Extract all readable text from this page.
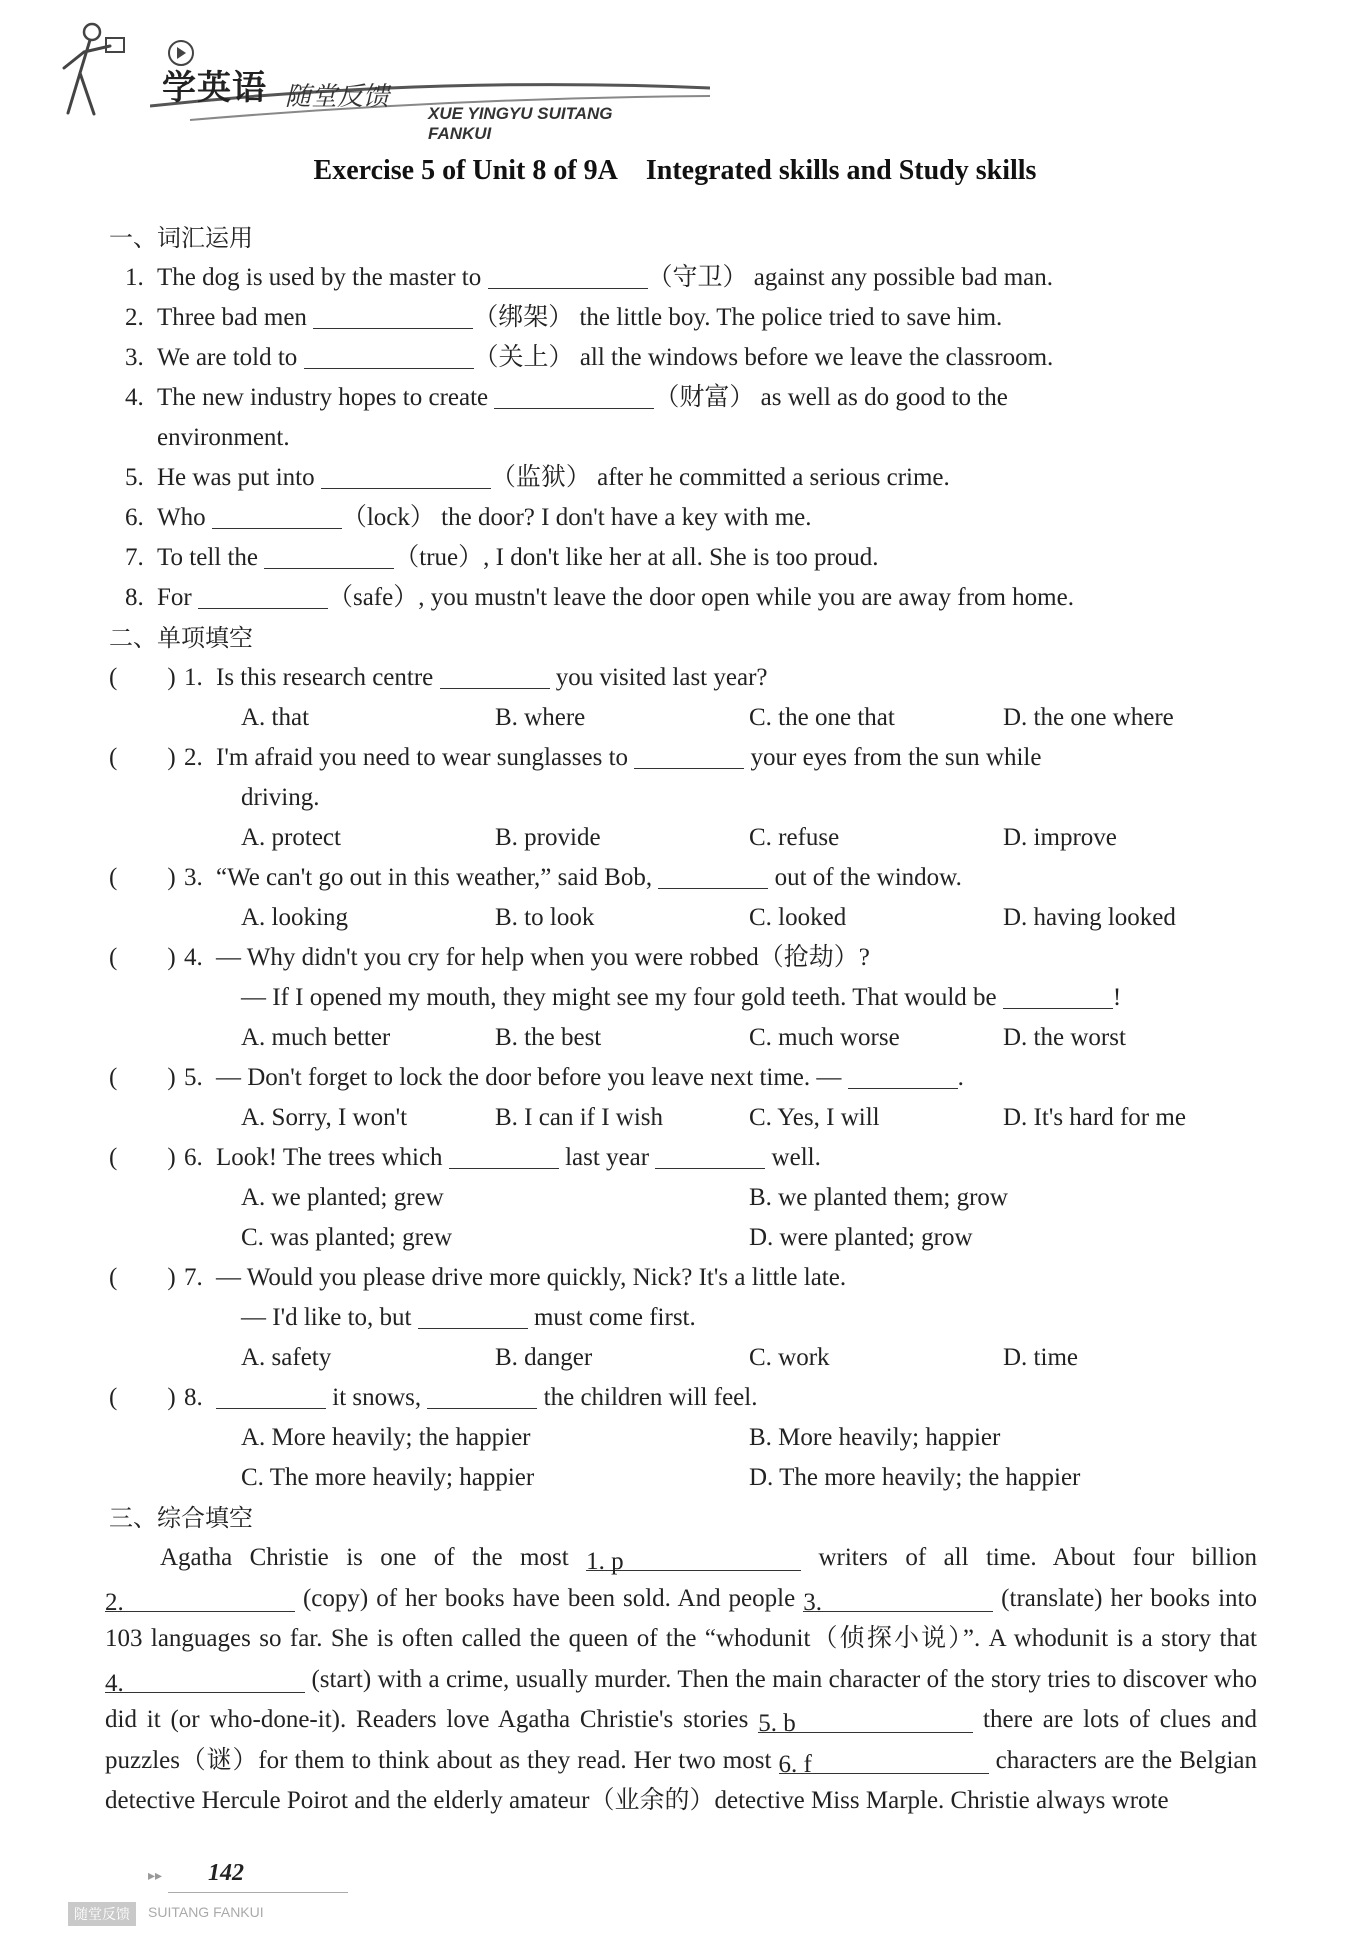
学英语 随堂反馈
XUE YINGYU SUITANG FANKUI
Exercise 5 of Unit 8 of 9A Integrated skills and Study skills
一、词汇运用
1. The dog is used by the master to	（守卫） against any possible bad man.
2. Three bad men	（绑架） the little boy. The police tried to save him.
3. We are told to	（关上） all the windows before we leave the classroom.
4. The new industry hopes to create	（财富） as well as do good to the
environment.
5. He was put into	（监狱） after he committed a serious crime.
6. Who	（lock） the door? I don't have a key with me.
7. To tell the	（true）, I don't like her at all. She is too proud.
8. For	（safe）, you mustn't leave the door open while you are away from home.
二、单项填空
(　　) 1. Is this research centre	you visited last year?
A. that	B. where	C. the one that	D. the one where
(　　) 2. I'm afraid you need to wear sunglasses to	your eyes from the sun while
driving.
A. protect	B. provide	C. refuse	D. improve
(　　) 3. “We can't go out in this weather,” said Bob,	out of the window.
A. looking	B. to look	C. looked	D. having looked
(　　) 4. — Why didn't you cry for help when you were robbed（抢劫）?
— If I opened my mouth, they might see my four gold teeth. That would be	!
A. much better	B. the best	C. much worse	D. the worst
(　　) 5. — Don't forget to lock the door before you leave next time. —	.
A. Sorry, I won't	B. I can if I wish	C. Yes, I will	D. It's hard for me
(　　) 6. Look! The trees which	last year	well.
A. we planted; grew	B. we planted them; grow
C. was planted; grew	D. were planted; grow
(　　) 7. — Would you please drive more quickly, Nick? It's a little late.
— I'd like to, but	must come first.
A. safety	B. danger	C. work	D. time
(　　) 8.	it snows,	the children will feel.
A. More heavily; the happier	B. More heavily; happier
C. The more heavily; happier	D. The more heavily; the happier
三、综合填空
Agatha Christie is one of the most 1. p	writers of all time. About four billion 2.	(copy) of her books have been sold. And people 3.	(translate) her books into 103 languages so far. She is often called the queen of the “whodunit（侦探小说）”. A whodunit is a story that 4.	(start) with a crime, usually murder. Then the main character of the story tries to discover who did it (or who-done-it). Readers love Agatha Christie's stories 5. b	there are lots of clues and puzzles（谜）for them to think about as they read. Her two most 6. f	characters are the Belgian detective Hercule Poirot and the elderly amateur（业余的）detective Miss Marple. Christie always wrote
▸▸ 142
随堂反馈	SUITANG FANKUI
